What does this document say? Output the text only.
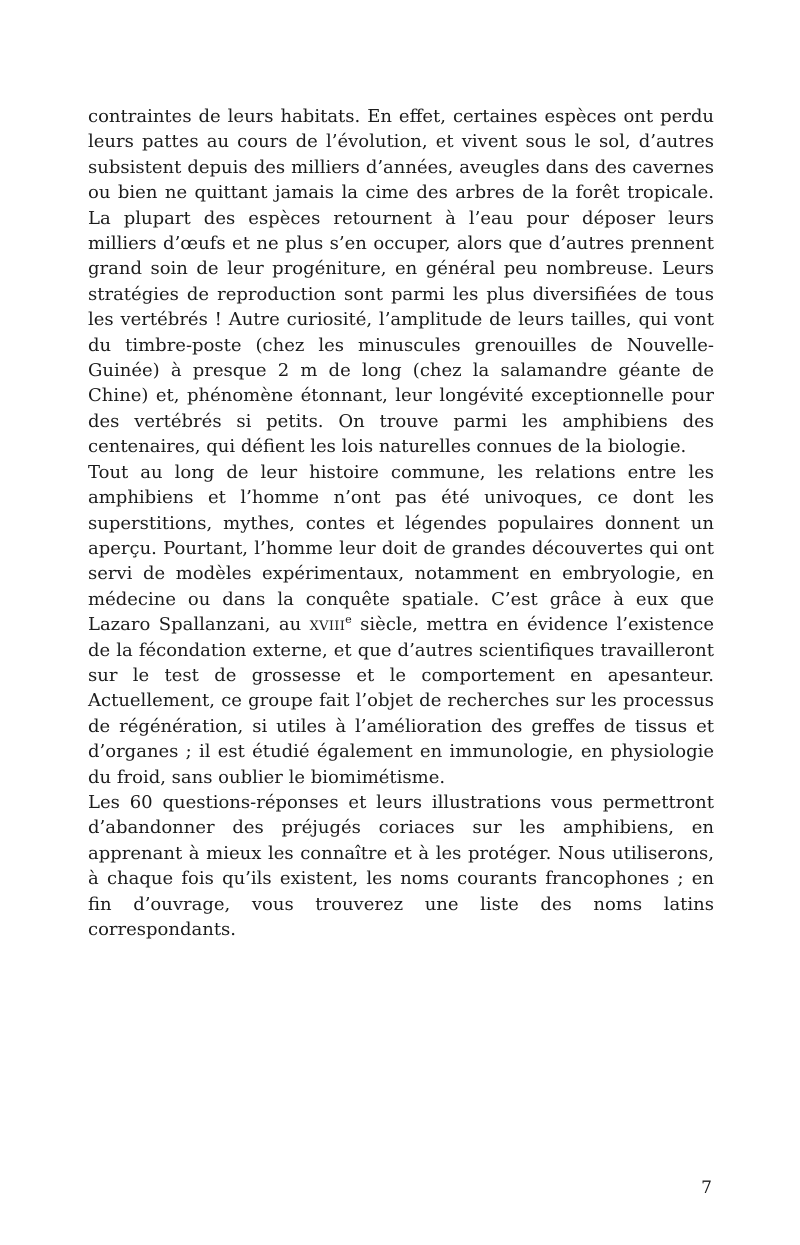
contraintes de leurs habitats. En effet, certaines espèces ont perdu leurs pattes au cours de l’évolution, et vivent sous le sol, d’autres subsistent depuis des milliers d’années, aveugles dans des cavernes ou bien ne quittant jamais la cime des arbres de la forêt tropicale. La plupart des espèces retournent à l’eau pour déposer leurs milliers d’œufs et ne plus s’en occuper, alors que d’autres prennent grand soin de leur progéniture, en général peu nombreuse. Leurs stratégies de reproduction sont parmi les plus diversifiées de tous les vertébrés ! Autre curiosité, l’amplitude de leurs tailles, qui vont du timbre-poste (chez les minuscules grenouilles de Nouvelle-Guinée) à presque 2 m de long (chez la salamandre géante de Chine) et, phénomène étonnant, leur longévité exceptionnelle pour des vertébrés si petits. On trouve parmi les amphibiens des centenaires, qui défient les lois naturelles connues de la biologie.

Tout au long de leur histoire commune, les relations entre les amphibiens et l’homme n’ont pas été univoques, ce dont les superstitions, mythes, contes et légendes populaires donnent un aperçu. Pourtant, l’homme leur doit de grandes découvertes qui ont servi de modèles expérimentaux, notamment en embryologie, en médecine ou dans la conquête spatiale. C’est grâce à eux que Lazaro Spallanzani, au xviii$^e$ siècle, mettra en évidence l’existence de la fécondation externe, et que d’autres scientifiques travailleront sur le test de grossesse et le comportement en apesanteur. Actuellement, ce groupe fait l’objet de recherches sur les processus de régénération, si utiles à l’amélioration des greffes de tissus et d’organes ; il est étudié également en immunologie, en physiologie du froid, sans oublier le biomimétisme.

Les 60 questions-réponses et leurs illustrations vous permettront d’abandonner des préjugés coriaces sur les amphibiens, en apprenant à mieux les connaître et à les protéger. Nous utiliserons, à chaque fois qu’ils existent, les noms courants francophones ; en fin d’ouvrage, vous trouverez une liste des noms latins correspondants.

7
